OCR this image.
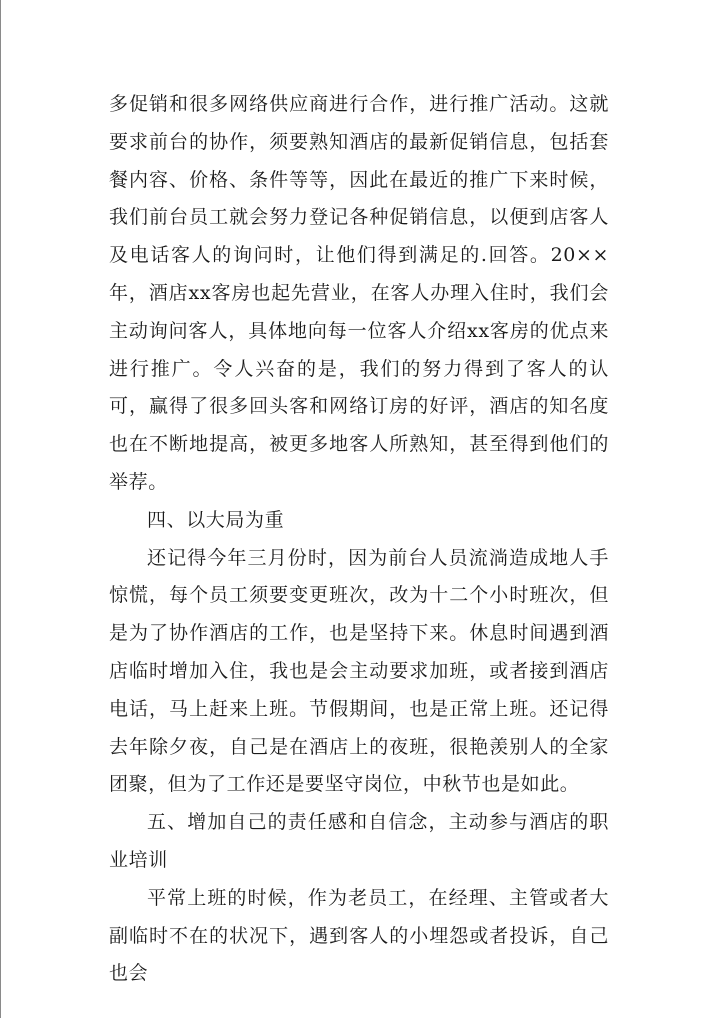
多促销和很多网络供应商进行合作，进行推广活动。这就要求前台的协作，须要熟知酒店的最新促销信息，包括套餐内容、价格、条件等等，因此在最近的推广下来时候，我们前台员工就会努力登记各种促销信息，以便到店客人及电话客人的询问时，让他们得到满足的.回答。20××年，酒店xx客房也起先营业，在客人办理入住时，我们会主动询问客人，具体地向每一位客人介绍xx客房的优点来进行推广。令人兴奋的是，我们的努力得到了客人的认可，赢得了很多回头客和网络订房的好评，酒店的知名度也在不断地提高，被更多地客人所熟知，甚至得到他们的举荐。

四、以大局为重

还记得今年三月份时，因为前台人员流淌造成地人手惊慌，每个员工须要变更班次，改为十二个小时班次，但是为了协作酒店的工作，也是坚持下来。休息时间遇到酒店临时增加入住，我也是会主动要求加班，或者接到酒店电话，马上赶来上班。节假期间，也是正常上班。还记得去年除夕夜，自己是在酒店上的夜班，很艳羡别人的全家团聚，但为了工作还是要坚守岗位，中秋节也是如此。

五、增加自己的责任感和自信念，主动参与酒店的职业培训

平常上班的时候，作为老员工，在经理、主管或者大副临时不在的状况下，遇到客人的小埋怨或者投诉，自己也会
